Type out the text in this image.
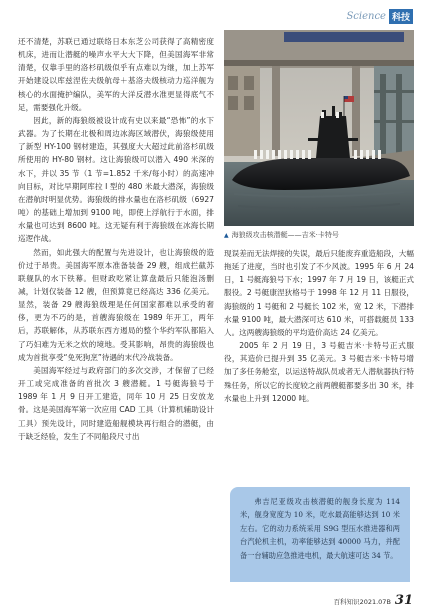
Science 科技

还不清楚，苏联已通过联络日本东芝公司获得了高精密度机床，进而让潜艇的噪声水平大大下降，但美国海军非常清楚，仅靠手里的洛杉矶级似乎有点难以为继，加上苏军开始建设以库兹涅佐夫级航母＋基洛夫级核动力巡洋舰为核心的水面掩护编队，美军的大洋反潜水准更显得底气不足，需要强化升级。

因此，新的海狼级被设计成有史以来最“恐怖”的水下武器。为了长期在北极和周边冰海区域潜伏，海狼级使用了新型 HY-100 钢材建造，其强度大大超过此前洛杉矶级所使用的 HY-80 钢材。这让海狼级可以潜入 490 米深的水下，并以 35 节（1 节=1.852 千米/每小时）的高速冲向目标，对比早期阿库拉 I 型的 480 米最大潜深，海狼级在潜航时明显优势。海狼级的排水量也在洛杉矶级（6927 吨）的基础上增加到 9100 吨，即使上浮航行于水面，排水量也可达到 8600 吨。这无疑有利于海狼级在冰海长期巡逻作战。

然而，如此强大的配置与先进设计，也让海狼级的造价过于昂贵。美国海军原本准备装备 29 艘，组成拦截苏联舰队的水下铁幕。但财政吃紧让算盘最后只能泡汤删减，计划仅装备 12 艘，但预算竟已经高达 336 亿美元。显然，装备 29 艘海狼级理是任何国家都难以承受的奢侈，更为不巧的是，首艘海狼级在 1989 年开工，两年后，苏联解体，从苏联东西方遏局的整个华约军队都陷入了巧妇难为无米之炊的境地。受其影响，昂贵的海狼级也成为首批享受“免死狗烹”待遇的末代冷战装备。

美国海军经过与政府部门的多次交涉，才保留了已经开工或完成准备的首批次 3 艘潜艇。1 号艇海狼号于 1989 年 1 月 9 日开工建造，同年 10 月 25 日安放龙骨。这是美国海军第一次应用 CAD 工具（计算机辅助设计工具）预先设计，同时建造船舰模块再行组合的潜艇，由于缺乏经验，发生了不同船段尺寸出

▲ 海狼级攻击核潜艇——吉米·卡特号

现误差而无法焊接的失误，最后只能废弃重造船段，大幅拖延了进度，当时也引发了不少风波。1995 年 6 月 24 日，1 号艇海狼号下水；1997 年 7 月 19 日，该艇正式服役。2 号艇康涅狄格号于 1998 年 12 月 11 日服役，海狼级的 1 号艇和 2 号艇长 102 米，宽 12 米，下潜排水量 9100 吨，最大潜深可达 610 米，可搭载艇员 133 人。这两艘海狼级的平均造价高达 24 亿美元。

2005 年 2 月 19 日，3 号艇吉米·卡特号正式服役，其造价已提升到 35 亿美元。3 号艇吉米·卡特号增加了多任务舱室，以运送特战队员或者无人潜航器执行特殊任务，所以它的长度较之前两艘艇都要多出 30 米，排水量也上升到 12000 吨。

弗吉尼亚级攻击核潜艇的舰身长度为 114 米，舰身宽度为 10 米，吃水最高能够达到 10 米左右。它的动力系统采用 S9G 型压水推进器和两台汽轮机主机，功率能够达到 40000 马力，并配备一台辅助应急推进电机，最大航速可达 34 节。

百科知识2021.07B 31
